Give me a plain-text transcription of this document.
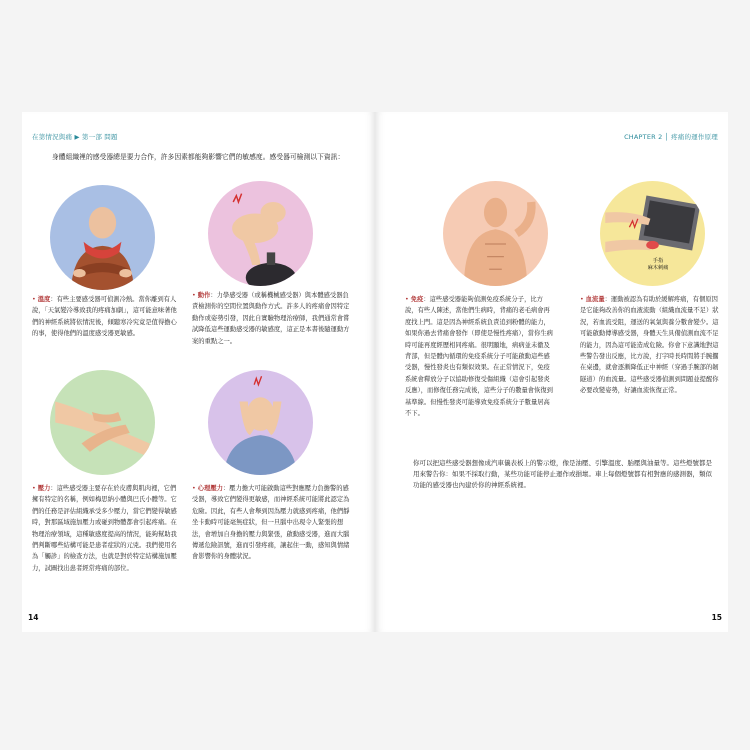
在第情況與痛 ▶ 第一部 問題
身體組織裡的感受器總是要力合作，許多因素都能夠影響它們的敏感度。感受器可檢測以下資訊：
• 溫度：有些主要感受器可偵測冷熱。當你離到有人說，「天氣變冷導致我的疼痛加劇」，這可能意味著他們的神經系統將依情況後，傾聽寒冷究竟是值得擔心的事，使得他們的溫度感受器更敏感。
• 動作：力學感受器（或稱機械感受器）與本體感受器負責檢測你的空間位置與動作方式。許多人的疼痛會因特定動作或姿勢引發，因此自實驗物理治療師，我們通常會嘗試降低這些運動感受器的敏感度，這正是本書後隨運動方案的重點之一。
• 壓力：這些感受器主要存在於皮膚與肌肉裡，它們擁有特定的名稱，例如梅思納小體與巴氏小體等。它們的任務是評估組織承受多少壓力，當它們變得敏感時，對那區域施加壓力或碰到物體都會引起疼痛。在物理治療領域，這種敏感度提高的情況，能夠幫助我們判斷哪些結構可能是患者症狀的元兇。我們使用名為「觸診」的檢查方法，也就是對於特定結構施加壓力，試圖找出患者經常疼痛的部位。
• 心理壓力：壓力擔大可能啟動這些對應壓力負擔警的感受器，導致它們變得更敏感，而神經系統可能將此認定為危險。因此，有些人會舉到因為壓力就感到疼痛，他們靜坐卡動時可能毫無症狀，但一旦腦中出現令人緊張的想法，會增加自身擔的壓力與緊張，啟動感受器，進而大腦傳遞危險訊號，進而引發疼痛，讓起住一動，感知與情緒會影響你的身體狀況。
14
CHAPTER 2 │ 疼痛的運作原理
• 免疫：這些感受器能夠偵測免疫系統分子，比方說，有些人陳述，當他們生病時，背痛的老毛病會再度找上門。這是因為神經系統負責追到粉體的能力，如果你過去背痛會發作（即使是慢性疼痛），當你生病時可能再度經歷相同疼痛。很明顯地，病病並未徹及背部，但是體內循環的免疫系統分子可能啟動這些感受器，慢性發炎也有類似效果。在正常情況下，免疫系統會釋放分子以協助修復受傷組織（這會引起發炎反應），而修復任務完成後，這些分子的數量會恢復到基準線。但慢性發炎可能導致免疫系統分子數量居高不下。
手指
麻木刺痛
• 血流量：運動被認為有助於緩解疼痛，有個原因是它能夠改善你的血液流動（組織血流量不足）狀況，若血流受阻，運送的氧氣與養分數會變少。這可能啟動傳導感受器，身體天生具備偵測血流不足的能力，因為這可能造成危險。你會下意識地對這些警告發出反應，比方說，打字時長時間將手腕擱在桌邊，就會逐漸降低正中神經（穿過手腕部的韌隧道）的血流量。這些感受器偵測到問題並提醒你必要改變姿勢，好讓血流恢復正常。
你可以把這些感受器想像成汽車儀表板上的警示燈，像是油壓、引擎溫度、胎壓與油量等。這些燈號都是用來警告你：如果不採取行動，某些功能可能停止運作或損壞。車上每個燈號都有相對應的感測器，類似功能的感受器也內建於你的神經系統裡。
15
